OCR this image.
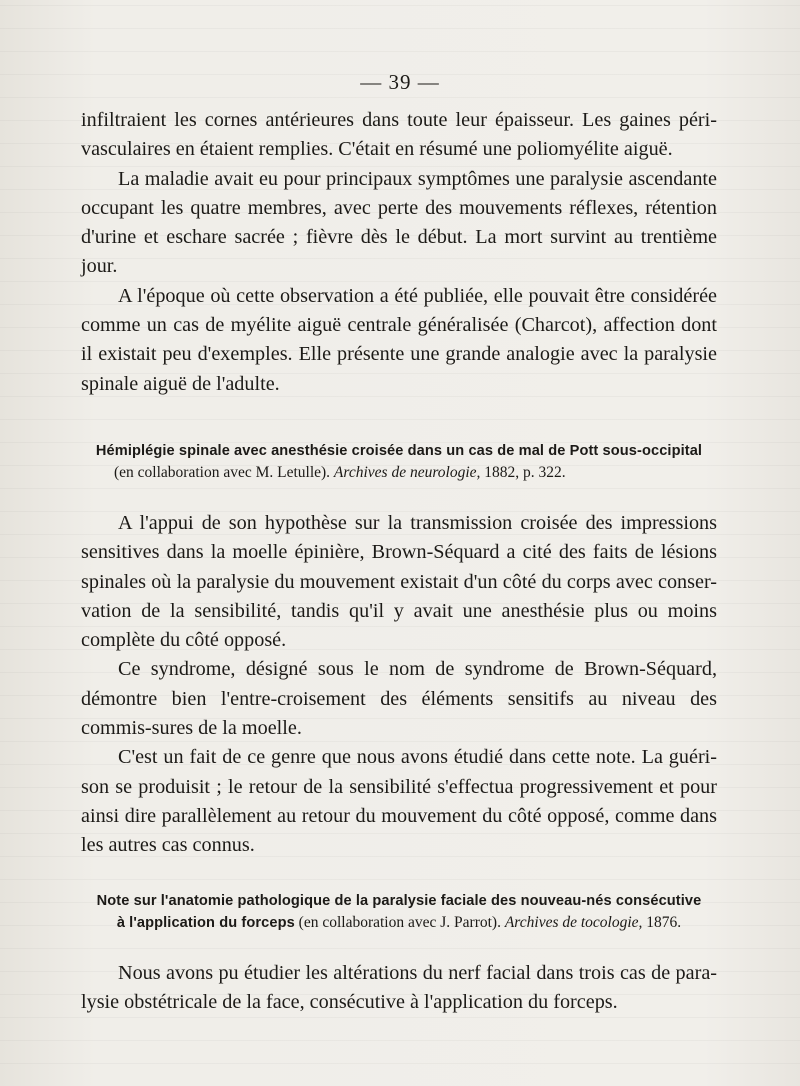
— 39 —

infiltraient les cornes antérieures dans toute leur épaisseur. Les gaines péri-vasculaires en étaient remplies. C'était en résumé une poliomyélite aiguë.

La maladie avait eu pour principaux symptômes une paralysie ascendante occupant les quatre membres, avec perte des mouvements réflexes, rétention d'urine et eschare sacrée ; fièvre dès le début. La mort survint au trentième jour.

A l'époque où cette observation a été publiée, elle pouvait être considérée comme un cas de myélite aiguë centrale généralisée (Charcot), affection dont il existait peu d'exemples. Elle présente une grande analogie avec la paralysie spinale aiguë de l'adulte.

Hémiplégie spinale avec anesthésie croisée dans un cas de mal de Pott sous-occipital

(en collaboration avec M. Letulle). Archives de neurologie, 1882, p. 322.

A l'appui de son hypothèse sur la transmission croisée des impressions sensitives dans la moelle épinière, Brown-Séquard a cité des faits de lésions spinales où la paralysie du mouvement existait d'un côté du corps avec conser-vation de la sensibilité, tandis qu'il y avait une anesthésie plus ou moins complète du côté opposé.

Ce syndrome, désigné sous le nom de syndrome de Brown-Séquard, démontre bien l'entre-croisement des éléments sensitifs au niveau des commis-sures de la moelle.

C'est un fait de ce genre que nous avons étudié dans cette note. La guéri-son se produisit ; le retour de la sensibilité s'effectua progressivement et pour ainsi dire parallèlement au retour du mouvement du côté opposé, comme dans les autres cas connus.

Note sur l'anatomie pathologique de la paralysie faciale des nouveau-nés consécutive

à l'application du forceps (en collaboration avec J. Parrot). Archives de tocologie, 1876.

Nous avons pu étudier les altérations du nerf facial dans trois cas de para-lysie obstétricale de la face, consécutive à l'application du forceps.
